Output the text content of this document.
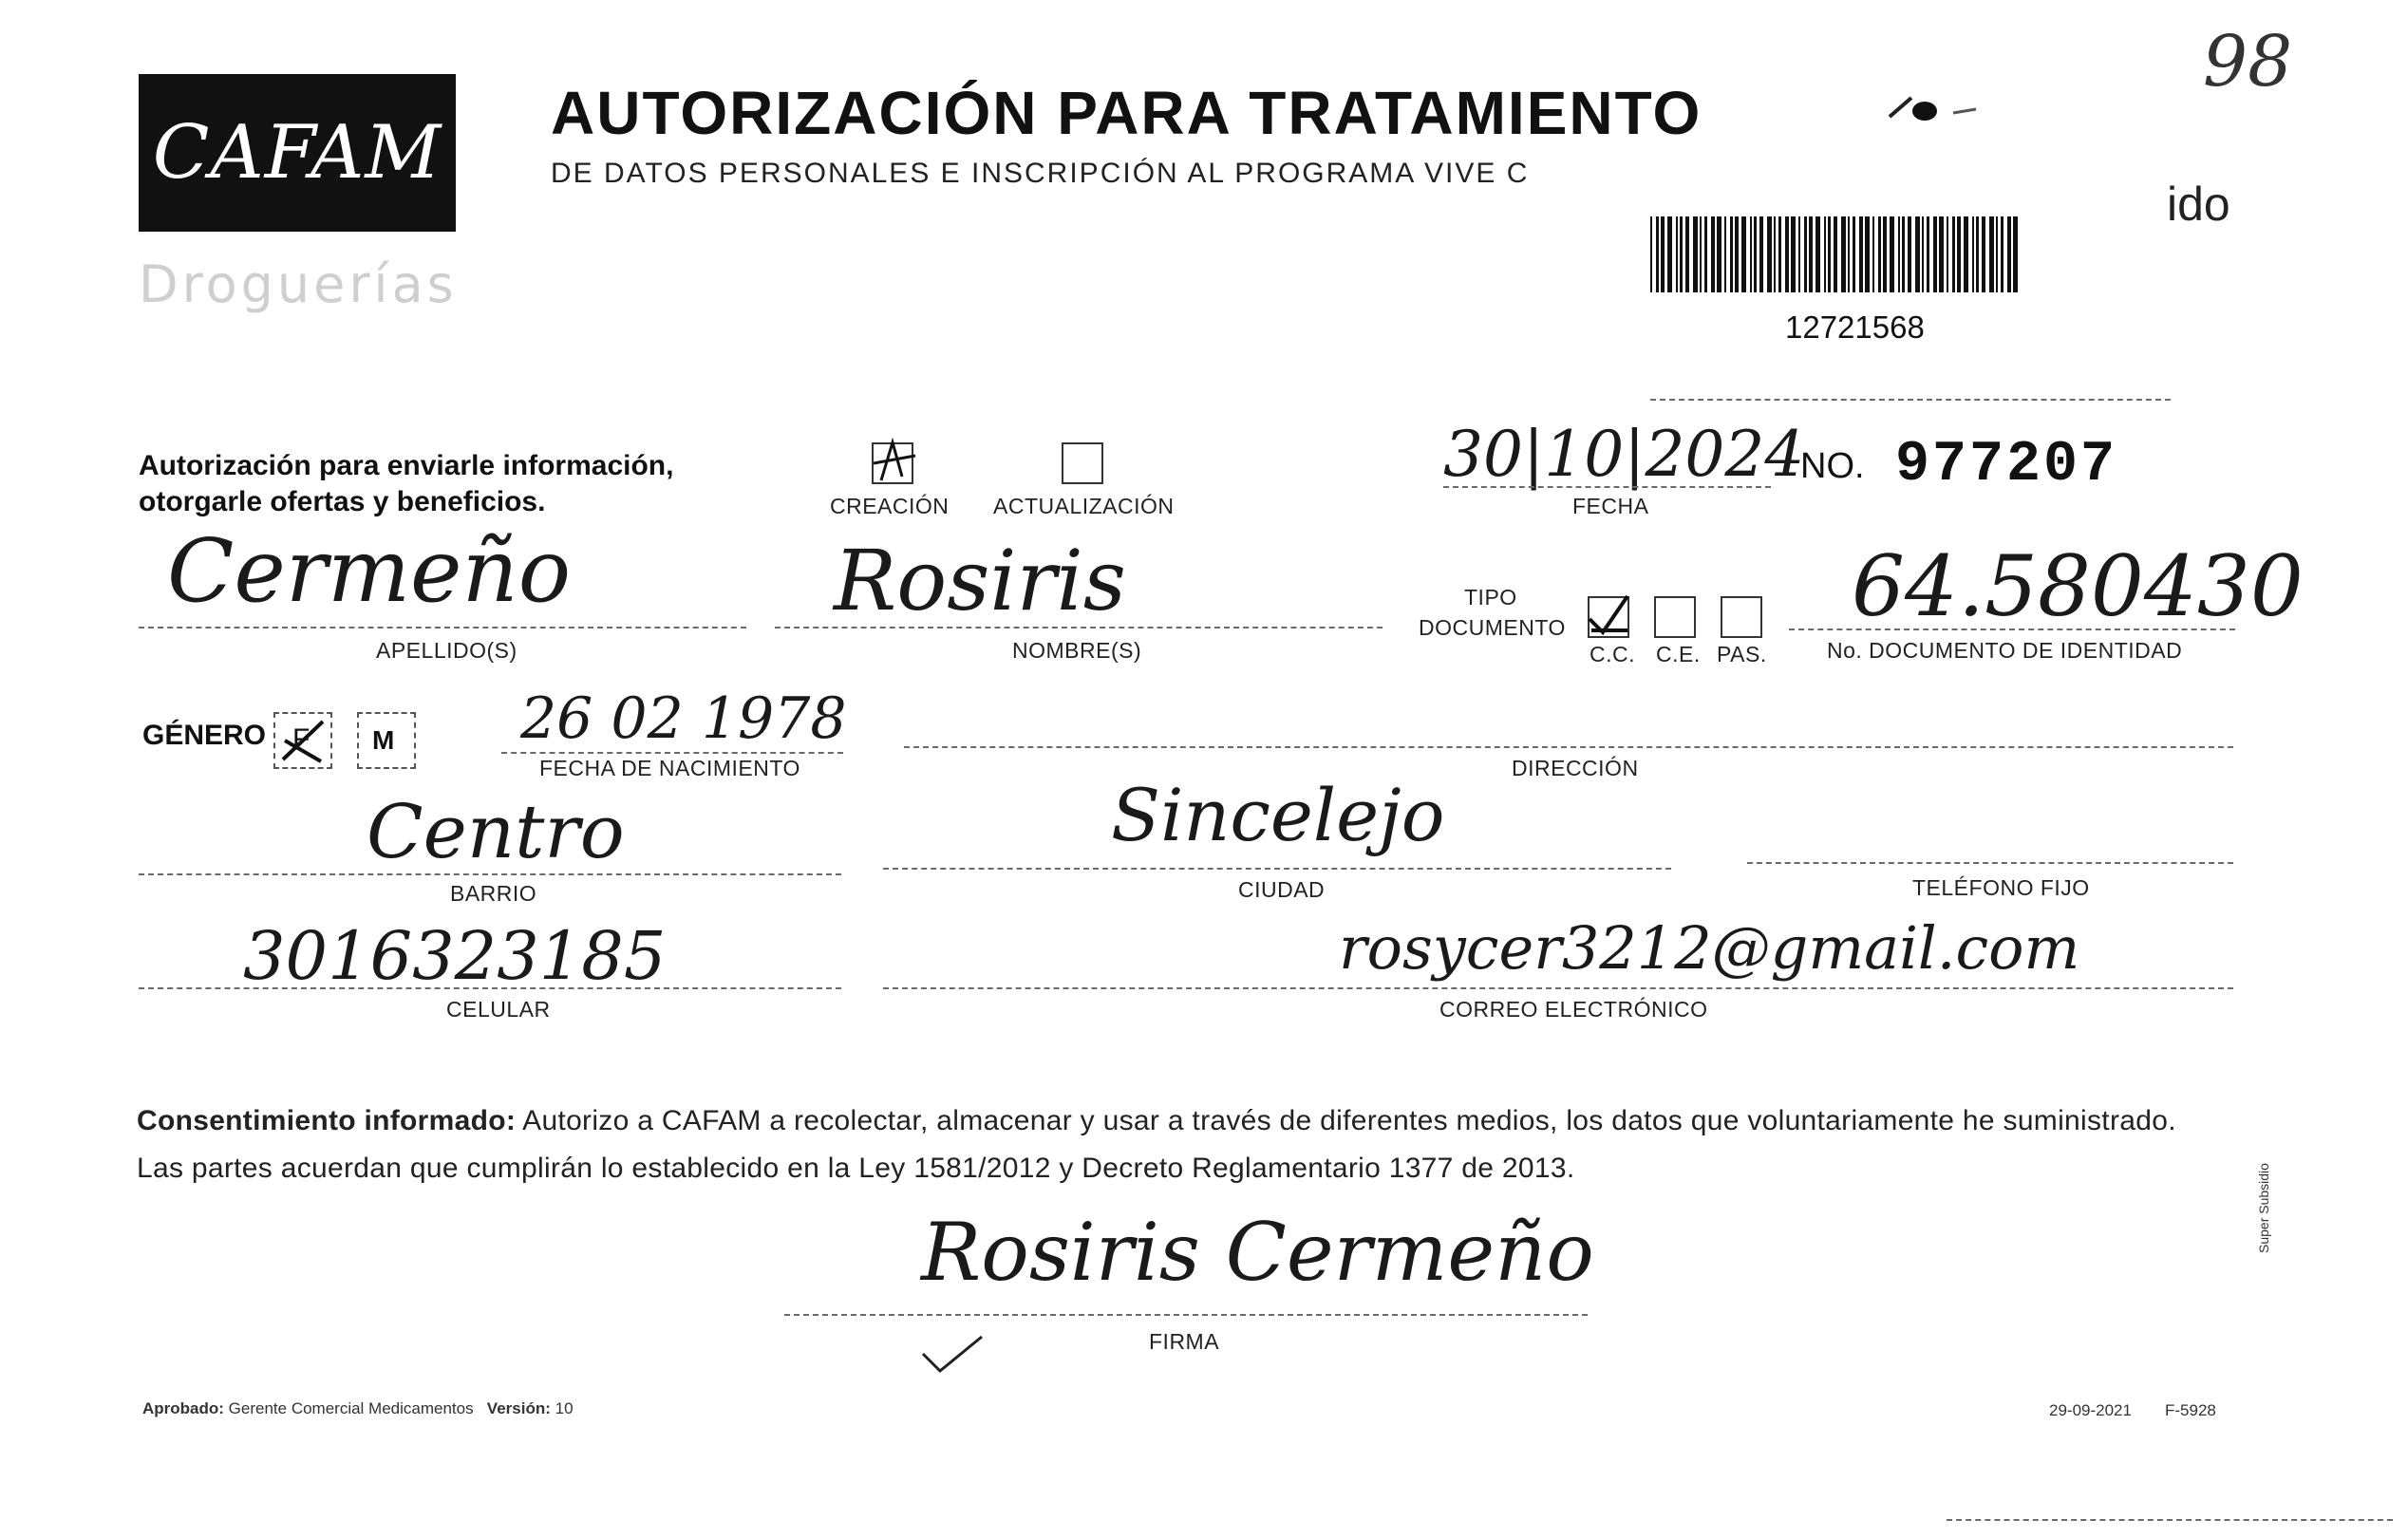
CAFAM
Droguerías
AUTORIZACIÓN PARA TRATAMIENTO
DE DATOS PERSONALES E INSCRIPCIÓN AL PROGRAMA VIVE C
98
ido
12721568
Autorización para enviarle información,
otorgarle ofertas y beneficios.	CREACIÓN ACTUALIZACIÓN
30|10|2024
FECHA
NO. 977207
Cermeño
APELLIDO(S)
Rosiris
NOMBRE(S)
TIPO
DOCUMENTO
C.C. C.E. PAS.
64.580430
No. DOCUMENTO DE IDENTIDAD
GÉNERO F M 26 02 1978
FECHA DE NACIMIENTO	DIRECCIÓN
Centro
BARRIO
Sincelejo
CIUDAD	TELÉFONO FIJO
3016323185
CELULAR
rosycer3212@gmail.com
CORREO ELECTRÓNICO
Consentimiento informado: Autorizo a CAFAM a recolectar, almacenar y usar a través de diferentes medios, los datos que voluntariamente he suministrado.
Las partes acuerdan que cumplirán lo establecido en la Ley 1581/2012 y Decreto Reglamentario 1377 de 2013.
Rosiris Cermeño
FIRMA
Aprobado: Gerente Comercial Medicamentos Versión: 10	29-09-2021 F-5928
Super Subsidio
